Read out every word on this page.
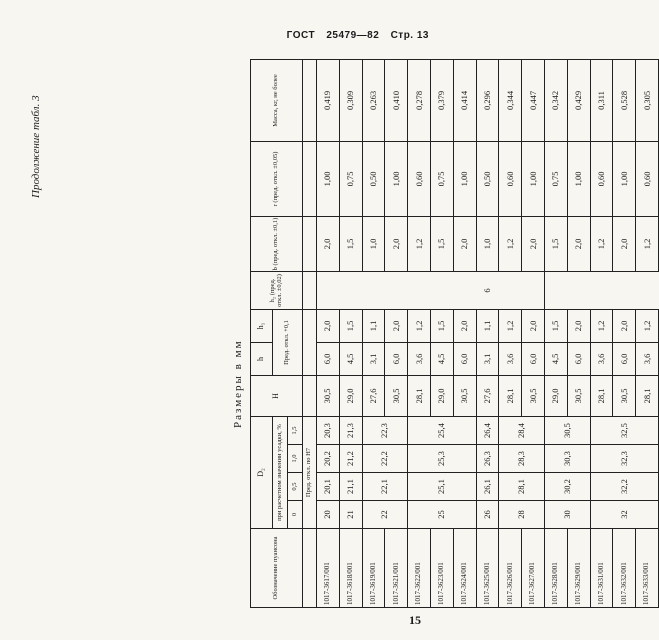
ГОСТ 25479—82 Стр. 13
Продолжение табл. 3
Размеры в мм
Обозначение пуансона	D₂				H	h	h₁	h₂ (пред. откл. ±0,02)	b (пред. откл. ±0,1)	r (пред. откл. ±0,05)	Масса, кг, не более
	при расчетном значении усадки, %					Пред. откл. +0,1					
	0	0,5	1,0	1,5							
	Пред. откл. по Н7										
1017-3617/001	20	20,1	20,2	20,3	30,5	6,0	2,0		2,0	1,00	0,419
1017-3618/001	21	21,1	21,2	21,3	29,0	4,5	1,5		1,5	0,75	0,309
1017-3619/001	22	22,1	22,2	22,3	27,6	3,1	1,1		1,0	0,50	0,263
1017-3621/001					30,5	6,0	2,0		2,0	1,00	0,410
1017-3622/001	25	25,1	25,3	25,4	28,1	3,6	1,2		1,2	0,60	0,278
1017-3623/001					29,0	4,5	1,5	6	1,5	0,75	0,379
1017-3624/001					30,5	6,0	2,0		2,0	1,00	0,414
1017-3625/001	26	26,1	26,3	26,4	27,6	3,1	1,1		1,0	0,50	0,296
1017-3626/001	28	28,1	28,3	28,4	28,1	3,6	1,2		1,2	0,60	0,344
1017-3627/001					30,5	6,0	2,0		2,0	1,00	0,447
1017-3628/001	30	30,2	30,3	30,5	29,0	4,5	1,5		1,5	0,75	0,342
1017-3629/001					30,5	6,0	2,0		2,0	1,00	0,429
1017-3631/001	32	32,2	32,3	32,5	28,1	3,6	1,2		1,2	0,60	0,311
1017-3632/001					30,5	6,0	2,0		2,0	1,00	0,528
1017-3633/001					28,1	3,6	1,2		1,2	0,60	0,305
15
